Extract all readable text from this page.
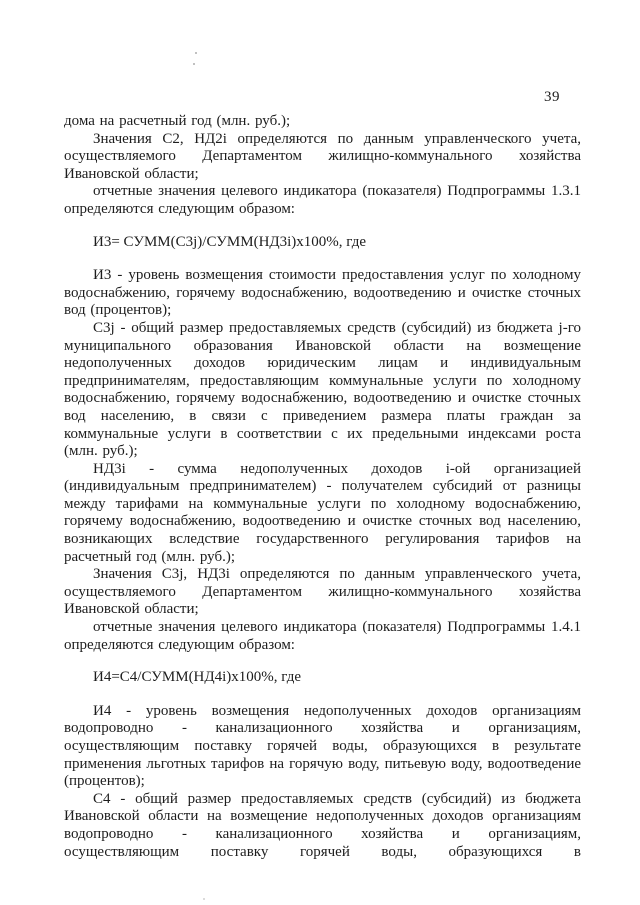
39

дома на расчетный год (млн. руб.);

Значения С2, НД2i определяются по данным управленческого учета, осуществляемого Департаментом жилищно-коммунального хозяйства Ивановской области;

отчетные значения целевого индикатора (показателя) Подпрограммы 1.3.1 определяются следующим образом:

И3= СУММ(С3j)/СУММ(НД3i)х100%, где

И3 - уровень возмещения стоимости предоставления услуг по холодному водоснабжению, горячему водоснабжению, водоотведению и очистке сточных вод (процентов);

С3j - общий размер предоставляемых средств (субсидий) из бюджета j-го муниципального образования Ивановской области на возмещение недополученных доходов юридическим лицам и индивидуальным предпринимателям, предоставляющим коммунальные услуги по холодному водоснабжению, горячему водоснабжению, водоотведению и очистке сточных вод населению, в связи с приведением размера платы граждан за коммунальные услуги в соответствии с их предельными индексами роста (млн. руб.);

НД3i - сумма недополученных доходов i-ой организацией (индивидуальным предпринимателем) - получателем субсидий от разницы между тарифами на коммунальные услуги по холодному водоснабжению, горячему водоснабжению, водоотведению и очистке сточных вод населению, возникающих вследствие государственного регулирования тарифов на расчетный год (млн. руб.);

Значения С3j, НД3i определяются по данным управленческого учета, осуществляемого Департаментом жилищно-коммунального хозяйства Ивановской области;

отчетные значения целевого индикатора (показателя) Подпрограммы 1.4.1 определяются следующим образом:

И4=С4/СУММ(НД4i)х100%, где

И4 - уровень возмещения недополученных доходов организациям водопроводно - канализационного хозяйства и организациям, осуществляющим поставку горячей воды, образующихся в результате применения льготных тарифов на горячую воду, питьевую воду, водоотведение (процентов);

С4 - общий размер предоставляемых средств (субсидий) из бюджета Ивановской области на возмещение недополученных доходов организациям водопроводно - канализационного хозяйства и организациям, осуществляющим поставку горячей воды, образующихся в
